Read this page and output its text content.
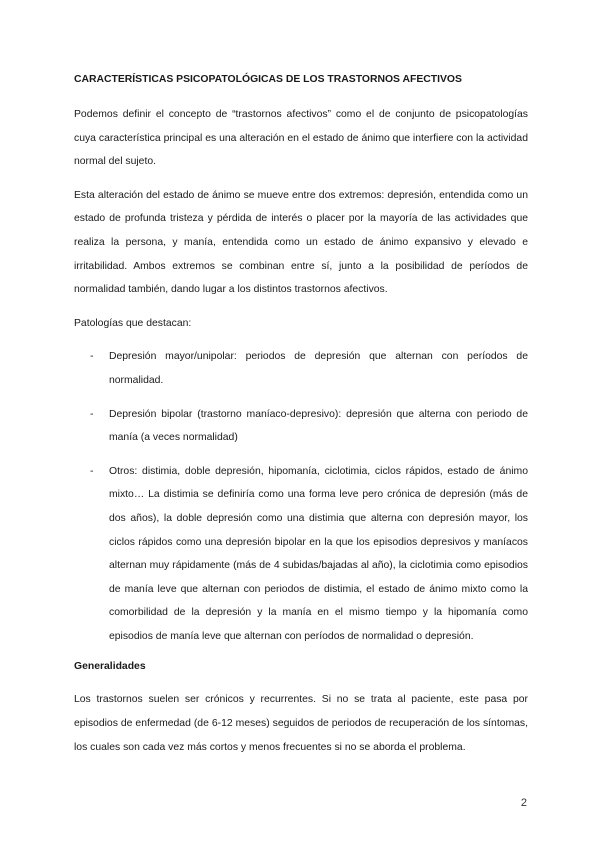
CARACTERÍSTICAS PSICOPATOLÓGICAS DE LOS TRASTORNOS AFECTIVOS

Podemos definir el concepto de “trastornos afectivos” como el de conjunto de psicopatologías cuya característica principal es una alteración en el estado de ánimo que interfiere con la actividad normal del sujeto.

Esta alteración del estado de ánimo se mueve entre dos extremos: depresión, entendida como un estado de profunda tristeza y pérdida de interés o placer por la mayoría de las actividades que realiza la persona, y manía, entendida como un estado de ánimo expansivo y elevado e irritabilidad. Ambos extremos se combinan entre sí, junto a la posibilidad de períodos de normalidad también, dando lugar a los distintos trastornos afectivos.

Patologías que destacan:

- Depresión mayor/unipolar: periodos de depresión que alternan con períodos de normalidad.
- Depresión bipolar (trastorno maníaco-depresivo): depresión que alterna con periodo de manía (a veces normalidad)
- Otros: distimia, doble depresión, hipomanía, ciclotimia, ciclos rápidos, estado de ánimo mixto… La distimia se definiría como una forma leve pero crónica de depresión (más de dos años), la doble depresión como una distimia que alterna con depresión mayor, los ciclos rápidos como una depresión bipolar en la que los episodios depresivos y maníacos alternan muy rápidamente (más de 4 subidas/bajadas al año), la ciclotimia como episodios de manía leve que alternan con periodos de distimia, el estado de ánimo mixto como la comorbilidad de la depresión y la manía en el mismo tiempo y la hipomanía como episodios de manía leve que alternan con períodos de normalidad o depresión.
Generalidades

Los trastornos suelen ser crónicos y recurrentes. Si no se trata al paciente, este pasa por episodios de enfermedad (de 6-12 meses) seguidos de periodos de recuperación de los síntomas, los cuales son cada vez más cortos y menos frecuentes si no se aborda el problema.

2
